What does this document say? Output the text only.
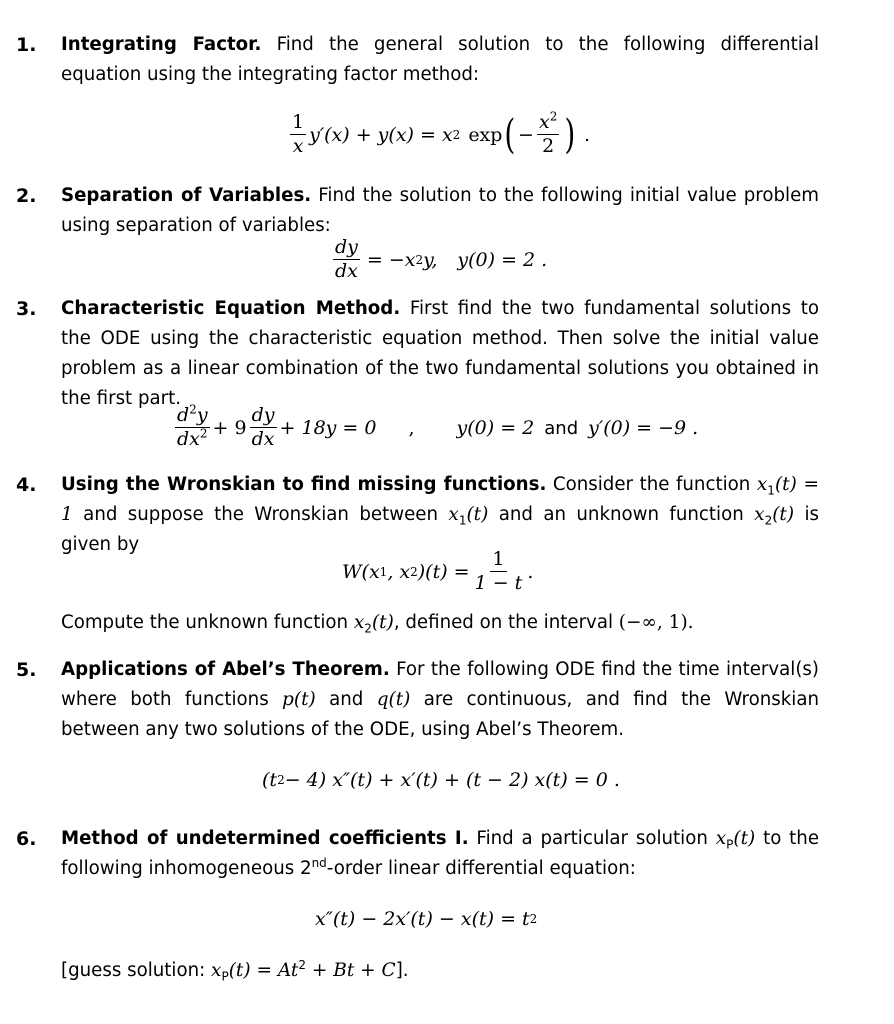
1. Integrating Factor. Find the general solution to the following differential equation using the integrating factor method:
$\frac{1}{x} y'(x) + y(x) = x$ 2 exp ( − $\frac{x^2}{2}$ ) .
2. Separation of Variables. Find the solution to the following initial value problem using separation of variables:
$\frac{dy}{dx} = -x$ 2 y, y(0) = 2 .
3. Characteristic Equation Method. First find the two fundamental solutions to the ODE using the characteristic equation method. Then solve the initial value problem as a linear combination of the two fundamental solutions you obtained in the first part.
$\frac{d^2y}{dx^2} + 9 \frac{dy}{dx} + 18y = 0$ , y(0) = 2 and y′(0) = −9 .
4. Using the Wronskian to find missing functions. Consider the function $x_1(t) = 1$ and suppose the Wronskian between $x_1(t)$ and an unknown function $x_2(t)$ is given by
W(x 1 , x 2 )$(t) = \frac{1}{1 - t}$ .
Compute the unknown function $x_2(t)$, defined on the interval (−∞, 1).
5. Applications of Abel’s Theorem. For the following ODE find the time interval(s) where both functions p(t) and q(t) are continuous, and find the Wronskian between any two solutions of the ODE, using Abel’s Theorem.
(t 2 − 4) x″(t) + x′(t) + (t − 2) x(t) = 0 .
6. Method of undetermined coefficients I. Find a particular solution $x_P(t)$ to the following inhomogeneous 2nd-order linear differential equation:
x″(t) − 2x′(t) − x(t) = t 2
[guess solution: $x_P(t) = At^2 + Bt + C$].
